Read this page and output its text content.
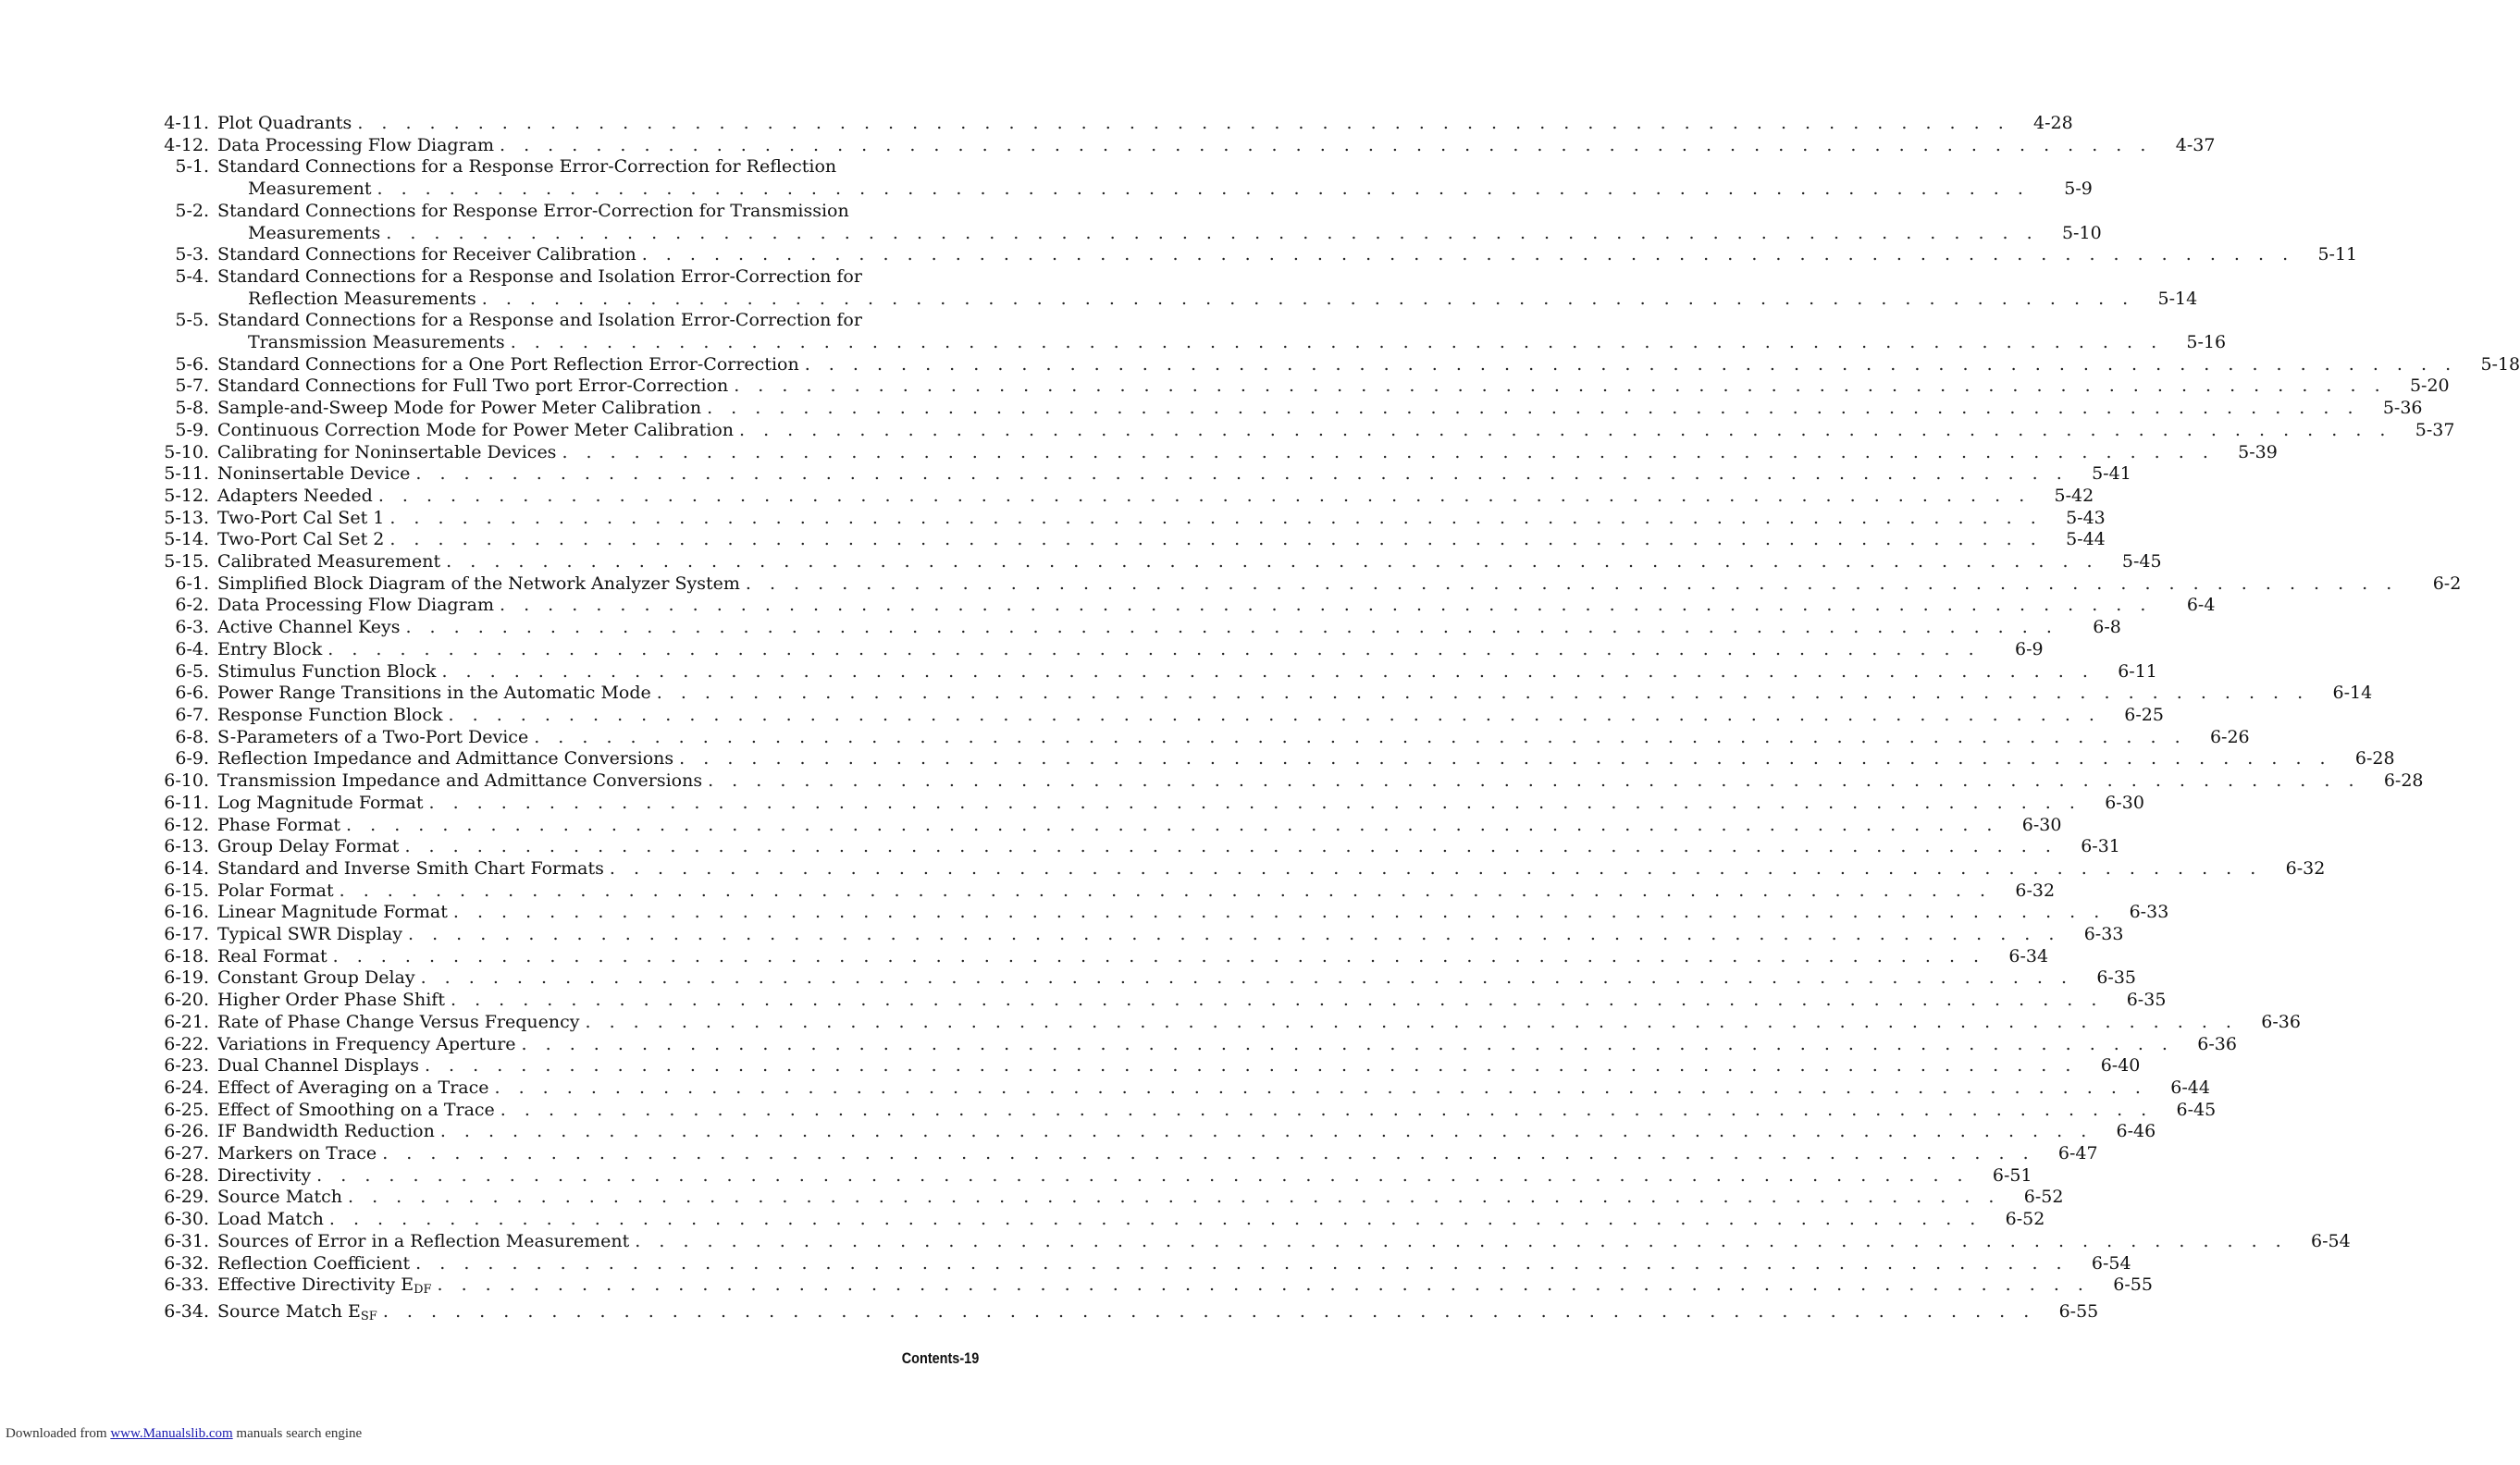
4-11. Plot Quadrants . . . . . . . . . . . . . . . . . . . . . . . . . . . . . . . . . . . . . . . . . . . . . . . . . . . . . . . . . . . . . . . . . . . . .	4-28
4-12. Data Processing Flow Diagram . . . . . . . . . . . . . . . . . . . . . . . . . . . . . . . . . . . . . . . . . . . . . . . . . . . . . . . . . . . . . . . . . . . . .	4-37
5-1. Standard Connections for a Response Error-Correction for Reflection
Measurement . . . . . . . . . . . . . . . . . . . . . . . . . . . . . . . . . . . . . . . . . . . . . . . . . . . . . . . . . . . . . . . . . . . . .	5-9
5-2. Standard Connections for Response Error-Correction for Transmission
Measurements . . . . . . . . . . . . . . . . . . . . . . . . . . . . . . . . . . . . . . . . . . . . . . . . . . . . . . . . . . . . . . . . . . . . .	5-10
5-3. Standard Connections for Receiver Calibration . . . . . . . . . . . . . . . . . . . . . . . . . . . . . . . . . . . . . . . . . . . . . . . . . . . . . . . . . . . . . . . . . . . . .	5-11
5-4. Standard Connections for a Response and Isolation Error-Correction for
Reflection Measurements . . . . . . . . . . . . . . . . . . . . . . . . . . . . . . . . . . . . . . . . . . . . . . . . . . . . . . . . . . . . . . . . . . . . .	5-14
5-5. Standard Connections for a Response and Isolation Error-Correction for
Transmission Measurements . . . . . . . . . . . . . . . . . . . . . . . . . . . . . . . . . . . . . . . . . . . . . . . . . . . . . . . . . . . . . . . . . . . . .	5-16
5-6. Standard Connections for a One Port Reflection Error-Correction . . . . . . . . . . . . . . . . . . . . . . . . . . . . . . . . . . . . . . . . . . . . . . . . . . . . . . . . . . . . . . . . . . . . .	5-18
5-7. Standard Connections for Full Two port Error-Correction . . . . . . . . . . . . . . . . . . . . . . . . . . . . . . . . . . . . . . . . . . . . . . . . . . . . . . . . . . . . . . . . . . . . .	5-20
5-8. Sample-and-Sweep Mode for Power Meter Calibration . . . . . . . . . . . . . . . . . . . . . . . . . . . . . . . . . . . . . . . . . . . . . . . . . . . . . . . . . . . . . . . . . . . . .	5-36
5-9. Continuous Correction Mode for Power Meter Calibration . . . . . . . . . . . . . . . . . . . . . . . . . . . . . . . . . . . . . . . . . . . . . . . . . . . . . . . . . . . . . . . . . . . . .	5-37
5-10. Calibrating for Noninsertable Devices . . . . . . . . . . . . . . . . . . . . . . . . . . . . . . . . . . . . . . . . . . . . . . . . . . . . . . . . . . . . . . . . . . . . .	5-39
5-11. Noninsertable Device . . . . . . . . . . . . . . . . . . . . . . . . . . . . . . . . . . . . . . . . . . . . . . . . . . . . . . . . . . . . . . . . . . . . .	5-41
5-12. Adapters Needed . . . . . . . . . . . . . . . . . . . . . . . . . . . . . . . . . . . . . . . . . . . . . . . . . . . . . . . . . . . . . . . . . . . . .	5-42
5-13. Two-Port Cal Set 1 . . . . . . . . . . . . . . . . . . . . . . . . . . . . . . . . . . . . . . . . . . . . . . . . . . . . . . . . . . . . . . . . . . . . .	5-43
5-14. Two-Port Cal Set 2 . . . . . . . . . . . . . . . . . . . . . . . . . . . . . . . . . . . . . . . . . . . . . . . . . . . . . . . . . . . . . . . . . . . . .	5-44
5-15. Calibrated Measurement . . . . . . . . . . . . . . . . . . . . . . . . . . . . . . . . . . . . . . . . . . . . . . . . . . . . . . . . . . . . . . . . . . . . .	5-45
6-1. Simplified Block Diagram of the Network Analyzer System . . . . . . . . . . . . . . . . . . . . . . . . . . . . . . . . . . . . . . . . . . . . . . . . . . . . . . . . . . . . . . . . . . . . .	6-2
6-2. Data Processing Flow Diagram . . . . . . . . . . . . . . . . . . . . . . . . . . . . . . . . . . . . . . . . . . . . . . . . . . . . . . . . . . . . . . . . . . . . .	6-4
6-3. Active Channel Keys . . . . . . . . . . . . . . . . . . . . . . . . . . . . . . . . . . . . . . . . . . . . . . . . . . . . . . . . . . . . . . . . . . . . .	6-8
6-4. Entry Block . . . . . . . . . . . . . . . . . . . . . . . . . . . . . . . . . . . . . . . . . . . . . . . . . . . . . . . . . . . . . . . . . . . . .	6-9
6-5. Stimulus Function Block . . . . . . . . . . . . . . . . . . . . . . . . . . . . . . . . . . . . . . . . . . . . . . . . . . . . . . . . . . . . . . . . . . . . .	6-11
6-6. Power Range Transitions in the Automatic Mode . . . . . . . . . . . . . . . . . . . . . . . . . . . . . . . . . . . . . . . . . . . . . . . . . . . . . . . . . . . . . . . . . . . . .	6-14
6-7. Response Function Block . . . . . . . . . . . . . . . . . . . . . . . . . . . . . . . . . . . . . . . . . . . . . . . . . . . . . . . . . . . . . . . . . . . . .	6-25
6-8. S-Parameters of a Two-Port Device . . . . . . . . . . . . . . . . . . . . . . . . . . . . . . . . . . . . . . . . . . . . . . . . . . . . . . . . . . . . . . . . . . . . .	6-26
6-9. Reflection Impedance and Admittance Conversions . . . . . . . . . . . . . . . . . . . . . . . . . . . . . . . . . . . . . . . . . . . . . . . . . . . . . . . . . . . . . . . . . . . . .	6-28
6-10. Transmission Impedance and Admittance Conversions . . . . . . . . . . . . . . . . . . . . . . . . . . . . . . . . . . . . . . . . . . . . . . . . . . . . . . . . . . . . . . . . . . . . .	6-28
6-11. Log Magnitude Format . . . . . . . . . . . . . . . . . . . . . . . . . . . . . . . . . . . . . . . . . . . . . . . . . . . . . . . . . . . . . . . . . . . . .	6-30
6-12. Phase Format . . . . . . . . . . . . . . . . . . . . . . . . . . . . . . . . . . . . . . . . . . . . . . . . . . . . . . . . . . . . . . . . . . . . .	6-30
6-13. Group Delay Format . . . . . . . . . . . . . . . . . . . . . . . . . . . . . . . . . . . . . . . . . . . . . . . . . . . . . . . . . . . . . . . . . . . . .	6-31
6-14. Standard and Inverse Smith Chart Formats . . . . . . . . . . . . . . . . . . . . . . . . . . . . . . . . . . . . . . . . . . . . . . . . . . . . . . . . . . . . . . . . . . . . .	6-32
6-15. Polar Format . . . . . . . . . . . . . . . . . . . . . . . . . . . . . . . . . . . . . . . . . . . . . . . . . . . . . . . . . . . . . . . . . . . . .	6-32
6-16. Linear Magnitude Format . . . . . . . . . . . . . . . . . . . . . . . . . . . . . . . . . . . . . . . . . . . . . . . . . . . . . . . . . . . . . . . . . . . . .	6-33
6-17. Typical SWR Display . . . . . . . . . . . . . . . . . . . . . . . . . . . . . . . . . . . . . . . . . . . . . . . . . . . . . . . . . . . . . . . . . . . . .	6-33
6-18. Real Format . . . . . . . . . . . . . . . . . . . . . . . . . . . . . . . . . . . . . . . . . . . . . . . . . . . . . . . . . . . . . . . . . . . . .	6-34
6-19. Constant Group Delay . . . . . . . . . . . . . . . . . . . . . . . . . . . . . . . . . . . . . . . . . . . . . . . . . . . . . . . . . . . . . . . . . . . . .	6-35
6-20. Higher Order Phase Shift . . . . . . . . . . . . . . . . . . . . . . . . . . . . . . . . . . . . . . . . . . . . . . . . . . . . . . . . . . . . . . . . . . . . .	6-35
6-21. Rate of Phase Change Versus Frequency . . . . . . . . . . . . . . . . . . . . . . . . . . . . . . . . . . . . . . . . . . . . . . . . . . . . . . . . . . . . . . . . . . . . .	6-36
6-22. Variations in Frequency Aperture . . . . . . . . . . . . . . . . . . . . . . . . . . . . . . . . . . . . . . . . . . . . . . . . . . . . . . . . . . . . . . . . . . . . .	6-36
6-23. Dual Channel Displays . . . . . . . . . . . . . . . . . . . . . . . . . . . . . . . . . . . . . . . . . . . . . . . . . . . . . . . . . . . . . . . . . . . . .	6-40
6-24. Effect of Averaging on a Trace . . . . . . . . . . . . . . . . . . . . . . . . . . . . . . . . . . . . . . . . . . . . . . . . . . . . . . . . . . . . . . . . . . . . .	6-44
6-25. Effect of Smoothing on a Trace . . . . . . . . . . . . . . . . . . . . . . . . . . . . . . . . . . . . . . . . . . . . . . . . . . . . . . . . . . . . . . . . . . . . .	6-45
6-26. IF Bandwidth Reduction . . . . . . . . . . . . . . . . . . . . . . . . . . . . . . . . . . . . . . . . . . . . . . . . . . . . . . . . . . . . . . . . . . . . .	6-46
6-27. Markers on Trace . . . . . . . . . . . . . . . . . . . . . . . . . . . . . . . . . . . . . . . . . . . . . . . . . . . . . . . . . . . . . . . . . . . . .	6-47
6-28. Directivity . . . . . . . . . . . . . . . . . . . . . . . . . . . . . . . . . . . . . . . . . . . . . . . . . . . . . . . . . . . . . . . . . . . . .	6-51
6-29. Source Match . . . . . . . . . . . . . . . . . . . . . . . . . . . . . . . . . . . . . . . . . . . . . . . . . . . . . . . . . . . . . . . . . . . . .	6-52
6-30. Load Match . . . . . . . . . . . . . . . . . . . . . . . . . . . . . . . . . . . . . . . . . . . . . . . . . . . . . . . . . . . . . . . . . . . . .	6-52
6-31. Sources of Error in a Reflection Measurement . . . . . . . . . . . . . . . . . . . . . . . . . . . . . . . . . . . . . . . . . . . . . . . . . . . . . . . . . . . . . . . . . . . . .	6-54
6-32. Reflection Coefficient . . . . . . . . . . . . . . . . . . . . . . . . . . . . . . . . . . . . . . . . . . . . . . . . . . . . . . . . . . . . . . . . . . . . .	6-54
6-33. Effective Directivity $E_{DF}$ . . . . . . . . . . . . . . . . . . . . . . . . . . . . . . . . . . . . . . . . . . . . . . . . . . . . . . . . . . . . . . . . . . . . .	6-55
6-34. Source Match $E_{SF}$ . . . . . . . . . . . . . . . . . . . . . . . . . . . . . . . . . . . . . . . . . . . . . . . . . . . . . . . . . . . . . . . . . . . . .	6-55
Contents-19
Downloaded from www.Manualslib.com manuals search engine
